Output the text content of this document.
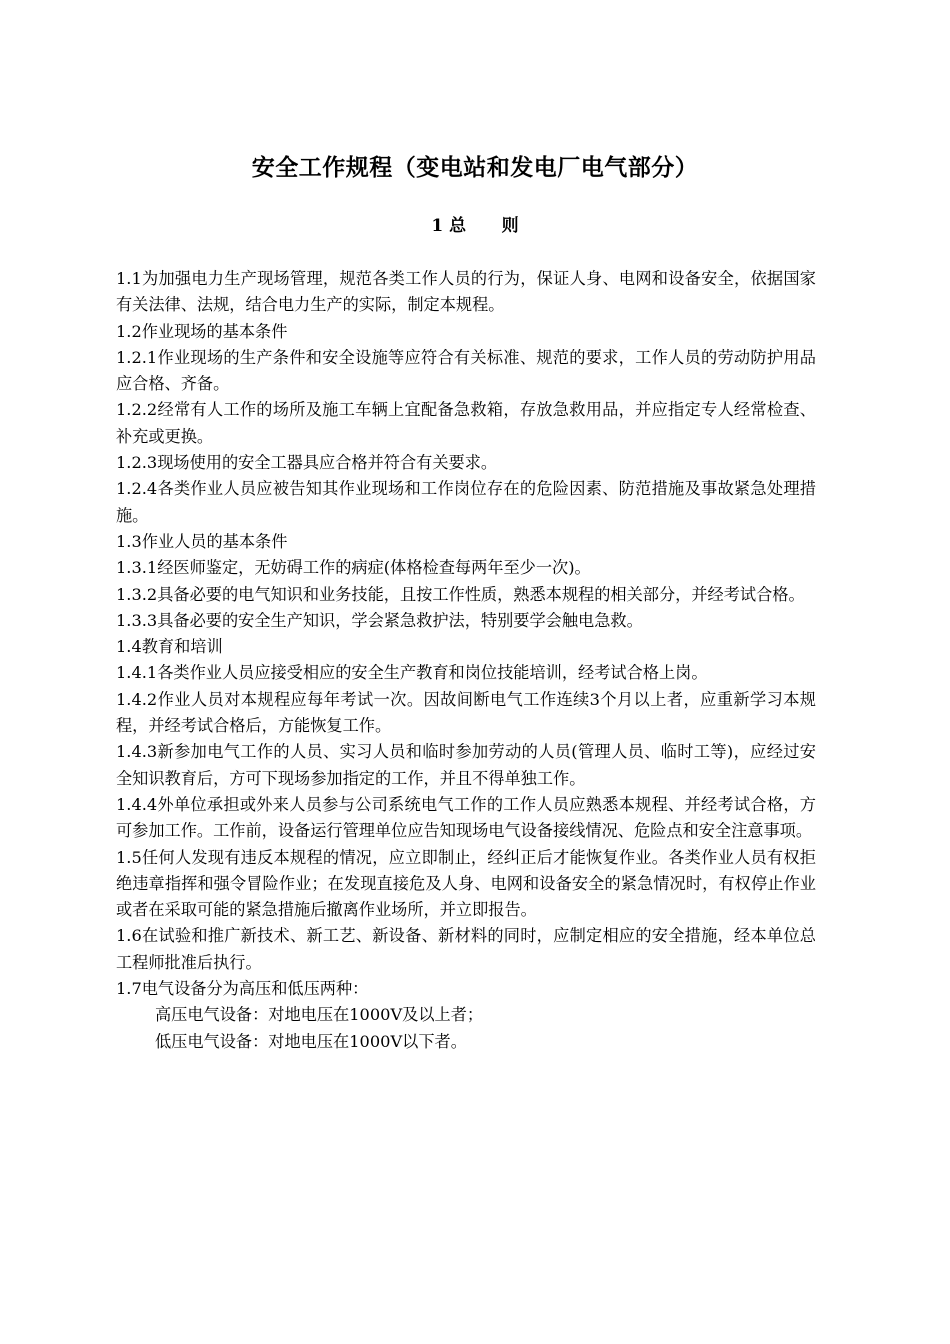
安全工作规程（变电站和发电厂电气部分）
1 总      则

1.1为加强电力生产现场管理，规范各类工作人员的行为，保证人身、电网和设备安全，依据国家有关法律、法规，结合电力生产的实际，制定本规程。

1.2作业现场的基本条件

1.2.1作业现场的生产条件和安全设施等应符合有关标准、规范的要求，工作人员的劳动防护用品应合格、齐备。

1.2.2经常有人工作的场所及施工车辆上宜配备急救箱，存放急救用品，并应指定专人经常检查、补充或更换。

1.2.3现场使用的安全工器具应合格并符合有关要求。

1.2.4各类作业人员应被告知其作业现场和工作岗位存在的危险因素、防范措施及事故紧急处理措施。

1.3作业人员的基本条件

1.3.1经医师鉴定，无妨碍工作的病症(体格检查每两年至少一次)。

1.3.2具备必要的电气知识和业务技能，且按工作性质，熟悉本规程的相关部分，并经考试合格。

1.3.3具备必要的安全生产知识，学会紧急救护法，特别要学会触电急救。

1.4教育和培训

1.4.1各类作业人员应接受相应的安全生产教育和岗位技能培训，经考试合格上岗。

1.4.2作业人员对本规程应每年考试一次。因故间断电气工作连续3个月以上者，应重新学习本规程，并经考试合格后，方能恢复工作。

1.4.3新参加电气工作的人员、实习人员和临时参加劳动的人员(管理人员、临时工等)，应经过安全知识教育后，方可下现场参加指定的工作，并且不得单独工作。

1.4.4外单位承担或外来人员参与公司系统电气工作的工作人员应熟悉本规程、并经考试合格，方可参加工作。工作前，设备运行管理单位应告知现场电气设备接线情况、危险点和安全注意事项。

1.5任何人发现有违反本规程的情况，应立即制止，经纠正后才能恢复作业。各类作业人员有权拒绝违章指挥和强令冒险作业；在发现直接危及人身、电网和设备安全的紧急情况时，有权停止作业或者在采取可能的紧急措施后撤离作业场所，并立即报告。

1.6在试验和推广新技术、新工艺、新设备、新材料的同时，应制定相应的安全措施，经本单位总工程师批准后执行。

1.7电气设备分为高压和低压两种：

高压电气设备：对地电压在1000V及以上者；

低压电气设备：对地电压在1000V以下者。
